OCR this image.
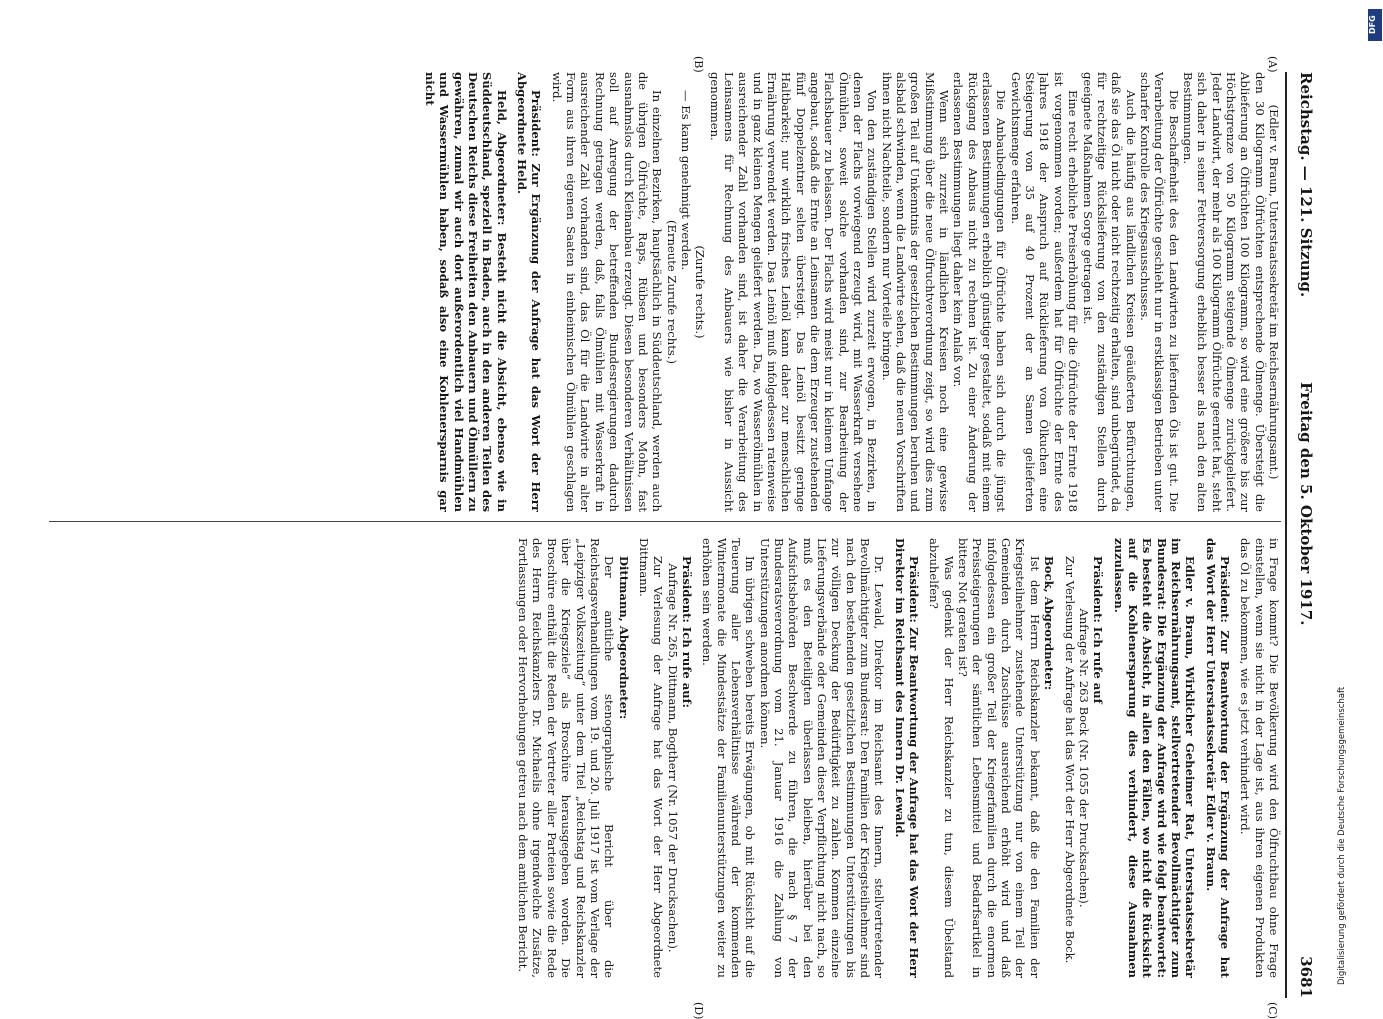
Reichstag. — 121. Sitzung.
Freitag den 5. Oktober 1917.
3681
(A)
(B)
(C)
(D)

(Edler v. Braun, Unterstaatssekretär im Reichsernährungsamt.)

den 30 Kilogramm Ölfrüchten entsprechende Ölmenge. Übersteigt die Ablieferung an Ölfrüchten 100 Kilogramm, so wird eine größere bis zur Höchstgrenze von 50 Kilogramm steigende Ölmenge zurückgeliefert. Jeder Landwirt, der mehr als 100 Kilogramm Ölfrüchte geerntet hat, steht sich daher in seiner Fettversorgung erheblich besser als nach den alten Bestimmungen.

Die Beschaffenheit des den Landwirten zu liefernden Öls ist gut. Die Verarbeitung der Ölfrüchte geschieht nur in erstklassigen Betrieben unter scharfer Kontrolle des Kriegsausschusses.

Auch die häufig aus ländlichen Kreisen geäußerten Befürchtungen, daß sie das Öl nicht oder nicht rechtzeitig erhalten, sind unbegründet, da für rechtzeitige Rückslieferung von den zuständigen Stellen durch geeignete Maßnahmen Sorge getragen ist.

Eine recht erhebliche Preiserhöhung für die Ölfrüchte der Ernte 1918 ist vorgenommen worden; außerdem hat für Ölfrüchte der Ernte des Jahres 1918 der Anspruch auf Rücklieferung von Ölkuchen eine Steigerung von 35 auf 40 Prozent der an Samen gelieferten Gewichtsmenge erfahren.

Die Anbaubedingungen für Ölfrüchte haben sich durch die jüngst erlassenen Bestimmungen erheblich günstiger gestaltet, sodaß mit einem Rückgang des Anbaus nicht zu rechnen ist. Zu einer Änderung der erlassenen Bestimmungen liegt daher kein Anlaß vor.

Wenn sich zurzeit in ländlichen Kreisen noch eine gewisse Mißstimmung über die neue Ölfruchtverordnung zeigt, so wird dies zum großen Teil auf Unkenntnis der gesetzlichen Bestimmungen beruhen und alsbald schwinden, wenn die Landwirte sehen, daß die neuen Vorschriften ihnen nicht Nachteile, sondern nur Vorteile bringen.

Von den zuständigen Stellen wird zurzeit erwogen, in Bezirken, in denen der Flachs vorwiegend erzeugt wird, mit Wasserkraft versehene Ölmühlen, soweit solche vorhanden sind, zur Bearbeitung der Flachsbauer zu belassen. Der Flachs wird meist nur in kleinem Umfange angebaut, sodaß die Ernte an Leinsamen die dem Erzeuger zustehenden fünf Doppelzentner selten übersteigt. Das Leinöl besitzt geringe Haltbarkeit; nur wirklich frisches Leinöl kann daher zur menschlichen Ernährung verwendet werden. Das Leinöl muß infolgedessen ratenweise und in ganz kleinen Mengen geliefert werden. Da, wo Wasserölmühlen in ausreichender Zahl vorhanden sind, ist daher die Verarbeitung des Leinsamens für Rechnung des Anbauers wie bisher in Aussicht genommen.

(Zurufe rechts.)

— Es kann genehmigt werden.

(Erneute Zurufe rechts.)

In einzelnen Bezirken, hauptsächlich in Süddeutschland, werden auch die übrigen Ölfrüchte, Raps, Rübsen und besonders Mohn, fast ausnahmslos durch Kleinanbau erzeugt. Diesen besonderen Verhältnissen soll auf Anregung der betreffenden Bundesregierungen dadurch Rechnung getragen werden, daß, falls Ölmühlen mit Wasserkraft in ausreichender Zahl vorhanden sind, das Öl für die Landwirte in alter Form aus ihren eigenen Saaten in einheimischen Ölmühlen geschlagen wird.

Präsident: Zur Ergänzung der Anfrage hat das Wort der Herr Abgeordnete Held.

Held, Abgeordneter: Besteht nicht die Absicht, ebenso wie in Süddeutschland, speziell in Baden, auch in den anderen Teilen des Deutschen Reichs diese Freiheiten den Anbauern und Ölmüllern zu gewähren, zumal wir auch dort außerordentlich viel Handmühlen und Wassermühlen haben, sodaß also eine Kohlenersparnis gar nicht

in Frage kommt? Die Bevölkerung wird den Ölfruchtbau ohne Frage einstellen, wenn sie nicht in der Lage ist, aus ihren eigenen Produkten das Öl zu bekommen, wie es jetzt verhindert wird.

Präsident: Zur Beantwortung der Ergänzung der Anfrage hat das Wort der Herr Unterstaatssekretär Edler v. Braun.

Edler v. Braun, Wirklicher Geheimer Rat, Unterstaatssekretär im Reichsernährungsamt, stellvertretender Bevollmächtigter zum Bundesrat: Die Ergänzung der Anfrage wird wie folgt beantwortet: Es besteht die Absicht, in allen den Fällen, wo nicht die Rücksicht auf die Kohlenersparung dies verhindert, diese Ausnahmen zuzulassen.

Präsident: Ich rufe auf

Anfrage Nr. 263 Bock (Nr. 1055 der Drucksachen).

Zur Verlesung der Anfrage hat das Wort der Herr Abgeordnete Bock.

Bock, Abgeordneter:

Ist dem Herrn Reichskanzler bekannt, daß die den Familien der Kriegsteilnehmer zustehende Unterstützung nur von einem Teil der Gemeinden durch Zuschüsse ausreichend erhöht wird und daß infolgedessen ein großer Teil der Kriegerfamilien durch die enormen Preissteigerungen der sämtlichen Lebensmittel und Bedarfsartikel in bittere Not geraten ist?

Was gedenkt der Herr Reichskanzler zu tun, diesem Übelstand abzuhelfen?

Präsident: Zur Beantwortung der Anfrage hat das Wort der Herr Direktor im Reichsamt des Innern Dr. Lewald.

Dr. Lewald, Direktor im Reichsamt des Innern, stellvertretender Bevollmächtigter zum Bundesrat: Den Familien der Kriegsteilnehmer sind nach den bestehenden gesetzlichen Bestimmungen Unterstützungen bis zur völligen Deckung der Bedürftigkeit zu zahlen. Kommen einzelne Lieferungsverbände oder Gemeinden dieser Verpflichtung nicht nach, so muß es den Beteiligten überlassen bleiben, hierüber bei den Aufsichtsbehörden Beschwerde zu führen, die nach § 7 der Bundesratsverordnung vom 21. Januar 1916 die Zahlung von Unterstützungen anordnen können.

Im übrigen schweben bereits Erwägungen, ob mit Rücksicht auf die Teuerung aller Lebensverhältnisse während der kommenden Wintermonate die Mindestsätze der Familienunterstützungen weiter zu erhöhen sein werden.

Präsident: Ich rufe auf:

Anfrage Nr. 265, Dittmann, Bogtherr (Nr. 1057 der Drucksachen).

Zur Verlesung der Anfrage hat das Wort der Herr Abgeordnete Dittmann.

Dittmann, Abgeordneter:

Der amtliche stenographische Bericht über die Reichstagsverhandlungen vom 19. und 20. Juli 1917 ist vom Verlage der „Leipziger Volkszeitung“ unter dem Titel „Reichstag und Reichskanzler über die Kriegsziele“ als Broschüre herausgegeben worden. Die Broschüre enthält die Reden der Vertreter aller Parteien sowie die Rede des Herrn Reichskanzlers Dr. Michaelis ohne irgendwelche Zusätze, Fortlassungen oder Hervorhebungen getreu nach dem amtlichen Bericht.	Digitalisierung gefördert durch die Deutsche Forschungsgemeinschaft
DFG
